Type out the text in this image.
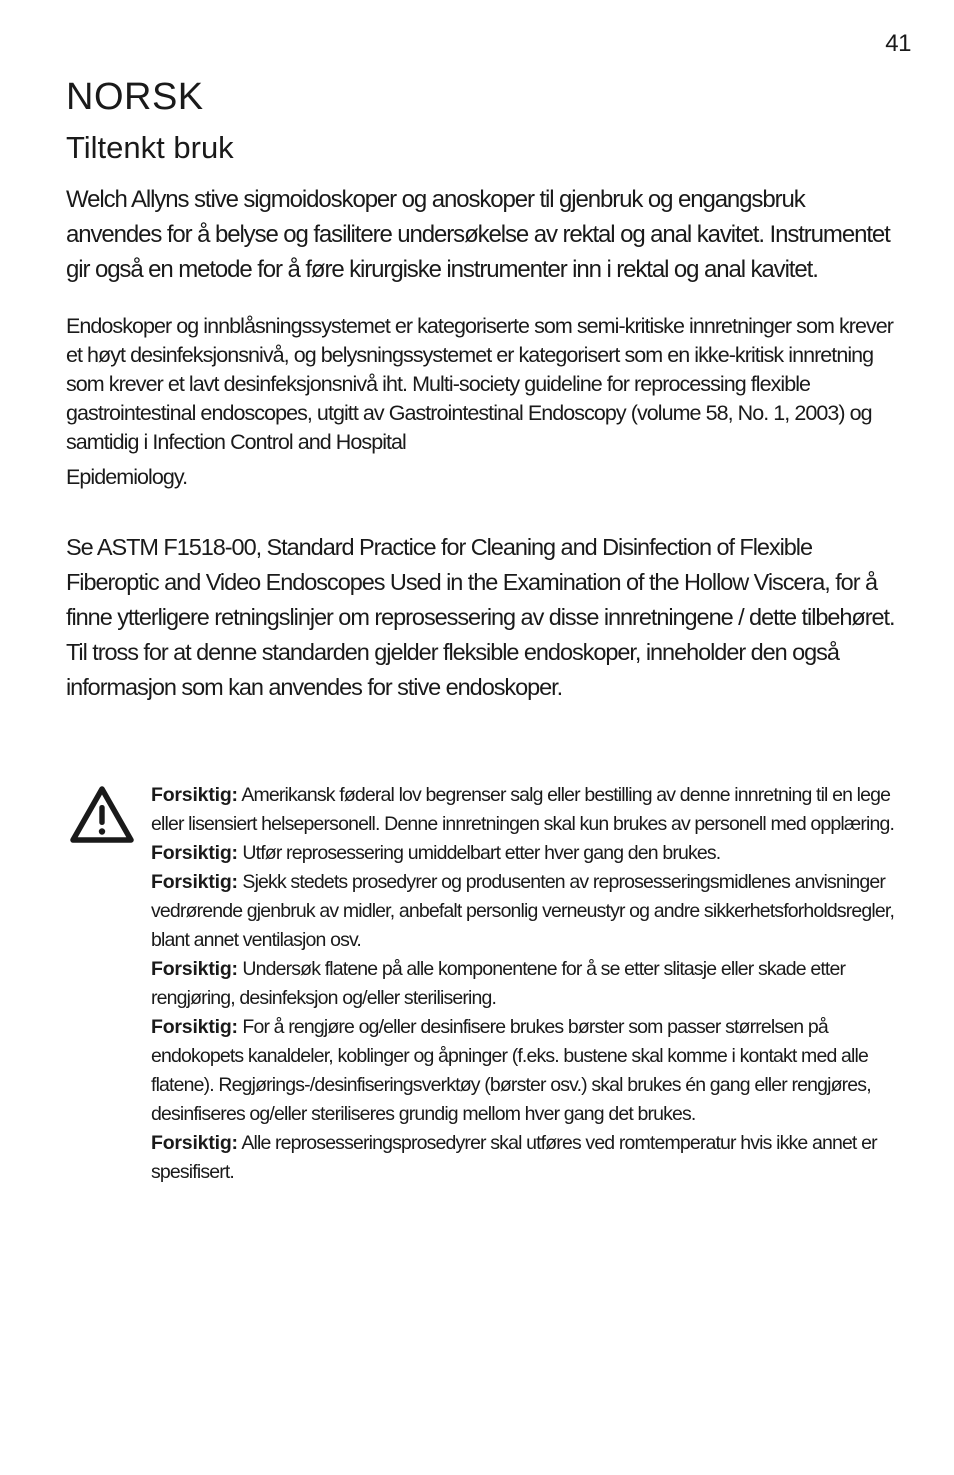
41
NORSK
Tiltenkt bruk

Welch Allyns stive sigmoidoskoper og anoskoper til gjenbruk og engangsbruk anvendes for å belyse og fasilitere undersøkelse av rektal og anal kavitet. Instrumentet gir også en metode for å føre kirurgiske instrumenter inn i rektal og anal kavitet.

Endoskoper og innblåsningssystemet er kategoriserte som semi-kritiske innretninger som krever et høyt desinfeksjonsnivå, og belysningssystemet er kategorisert som en ikke-kritisk innretning som krever et lavt desinfeksjonsnivå iht. Multi-society guideline for reprocessing flexible gastrointestinal endoscopes, utgitt av Gastrointestinal Endoscopy (volume 58, No. 1, 2003) og samtidig i Infection Control and Hospital
Epidemiology.

Se ASTM F1518-00, Standard Practice for Cleaning and Disinfection of Flexible Fiberoptic and Video Endoscopes Used in the Examination of the Hollow Viscera, for å finne ytterligere retningslinjer om reprosessering av disse innretningene / dette tilbehøret. Til tross for at denne standarden gjelder fleksible endoskoper, inneholder den også informasjon som kan anvendes for stive endoskoper.

Forsiktig: Amerikansk føderal lov begrenser salg eller bestilling av denne innretning til en lege eller lisensiert helsepersonell. Denne innretningen skal kun brukes av personell med opplæring.

Forsiktig: Utfør reprosessering umiddelbart etter hver gang den brukes.

Forsiktig: Sjekk stedets prosedyrer og produsenten av reprosesseringsmidlenes anvisninger vedrørende gjenbruk av midler, anbefalt personlig verneustyr og andre sikkerhetsforholdsregler, blant annet ventilasjon osv.

Forsiktig: Undersøk flatene på alle komponentene for å se etter slitasje eller skade etter rengjøring, desinfeksjon og/eller sterilisering.

Forsiktig: For å rengjøre og/eller desinfisere brukes børster som passer størrelsen på endokopets kanaldeler, koblinger og åpninger (f.eks. bustene skal komme i kontakt med alle flatene). Regjørings-/desinfiseringsverktøy (børster osv.) skal brukes én gang eller rengjøres, desinfiseres og/eller steriliseres grundig mellom hver gang det brukes.

Forsiktig: Alle reprosesseringsprosedyrer skal utføres ved romtemperatur hvis ikke annet er spesifisert.
